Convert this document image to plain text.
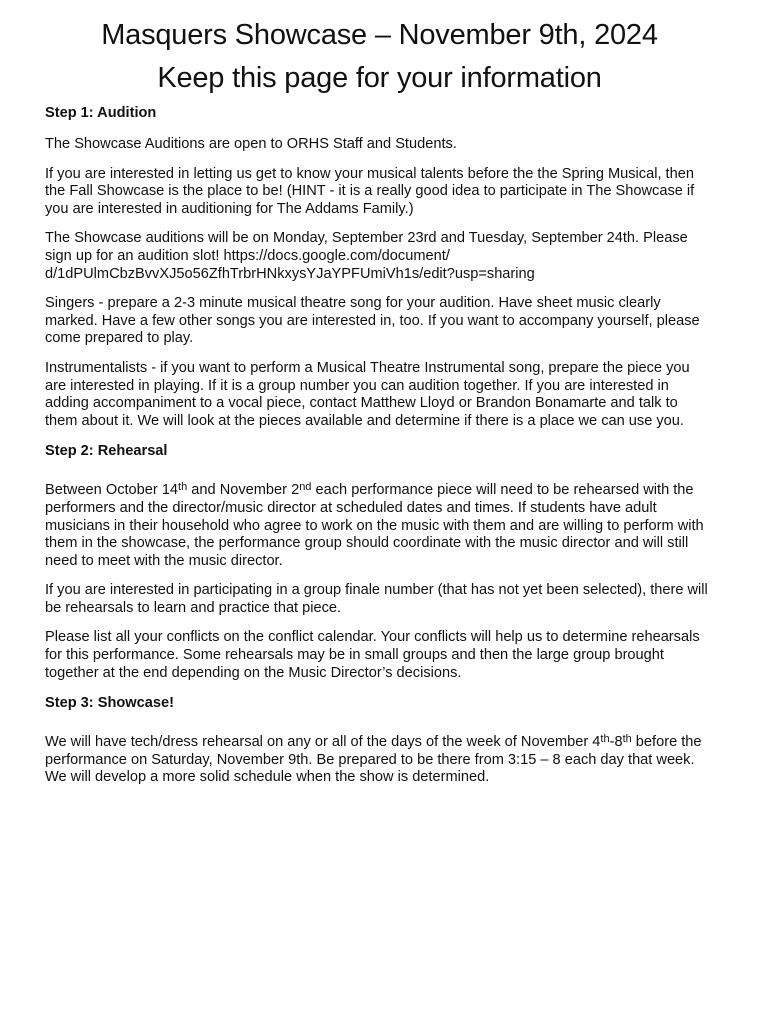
Masquers Showcase – November 9th, 2024
Keep this page for your information
Step 1: Audition

The Showcase Auditions are open to ORHS Staff and Students.

If you are interested in letting us get to know your musical talents before the the Spring Musical, then the Fall Showcase is the place to be! (HINT - it is a really good idea to participate in The Showcase if you are interested in auditioning for The Addams Family.)

The Showcase auditions will be on Monday, September 23rd and Tuesday, September 24th. Please sign up for an audition slot! https://docs.google.com/document/ d/1dPUlmCbzBvvXJ5o56ZfhTrbrHNkxysYJaYPFUmiVh1s/edit?usp=sharing

Singers - prepare a 2-3 minute musical theatre song for your audition. Have sheet music clearly marked. Have a few other songs you are interested in, too. If you want to accompany yourself, please come prepared to play.

Instrumentalists - if you want to perform a Musical Theatre Instrumental song, prepare the piece you are interested in playing. If it is a group number you can audition together. If you are interested in adding accompaniment to a vocal piece, contact Matthew Lloyd or Brandon Bonamarte and talk to them about it. We will look at the pieces available and determine if there is a place we can use you.

Step 2: Rehearsal

Between October 14th and November 2nd each performance piece will need to be rehearsed with the performers and the director/music director at scheduled dates and times. If students have adult musicians in their household who agree to work on the music with them and are willing to perform with them in the showcase, the performance group should coordinate with the music director and will still need to meet with the music director.

If you are interested in participating in a group finale number (that has not yet been selected), there will be rehearsals to learn and practice that piece.

Please list all your conflicts on the conflict calendar. Your conflicts will help us to determine rehearsals for this performance. Some rehearsals may be in small groups and then the large group brought together at the end depending on the Music Director’s decisions.

Step 3: Showcase!

We will have tech/dress rehearsal on any or all of the days of the week of November 4th-8th before the performance on Saturday, November 9th. Be prepared to be there from 3:15 – 8 each day that week. We will develop a more solid schedule when the show is determined.
